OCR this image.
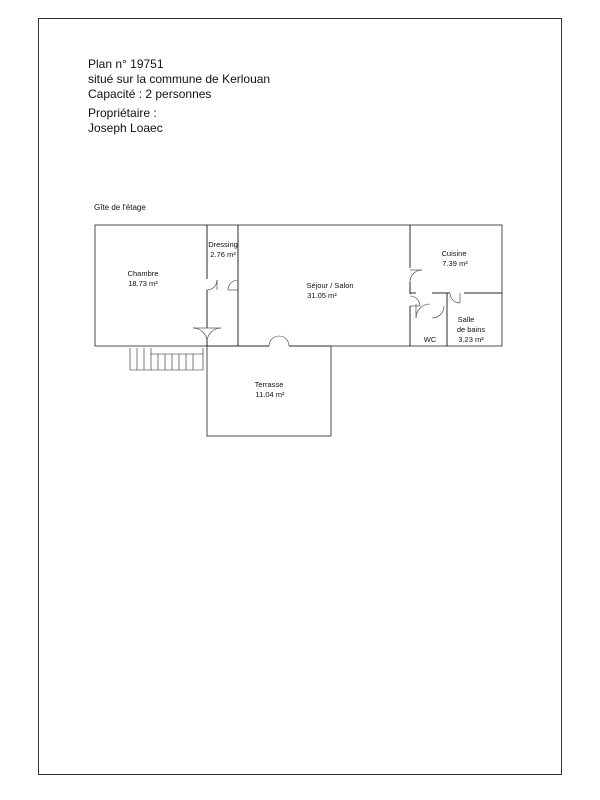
Plan n° 19751
situé sur la commune de Kerlouan
Capacité : 2 personnes
Propriétaire :
Joseph Loaec
Gîte de l'étage
Chambre
18.73 m²
Dressing
2.76 m²
Séjour / Salon
31.05 m²
Cuisine
7.39 m²
WC
Salle
de bains
3.23 m²
Terrasse
11.04 m²
